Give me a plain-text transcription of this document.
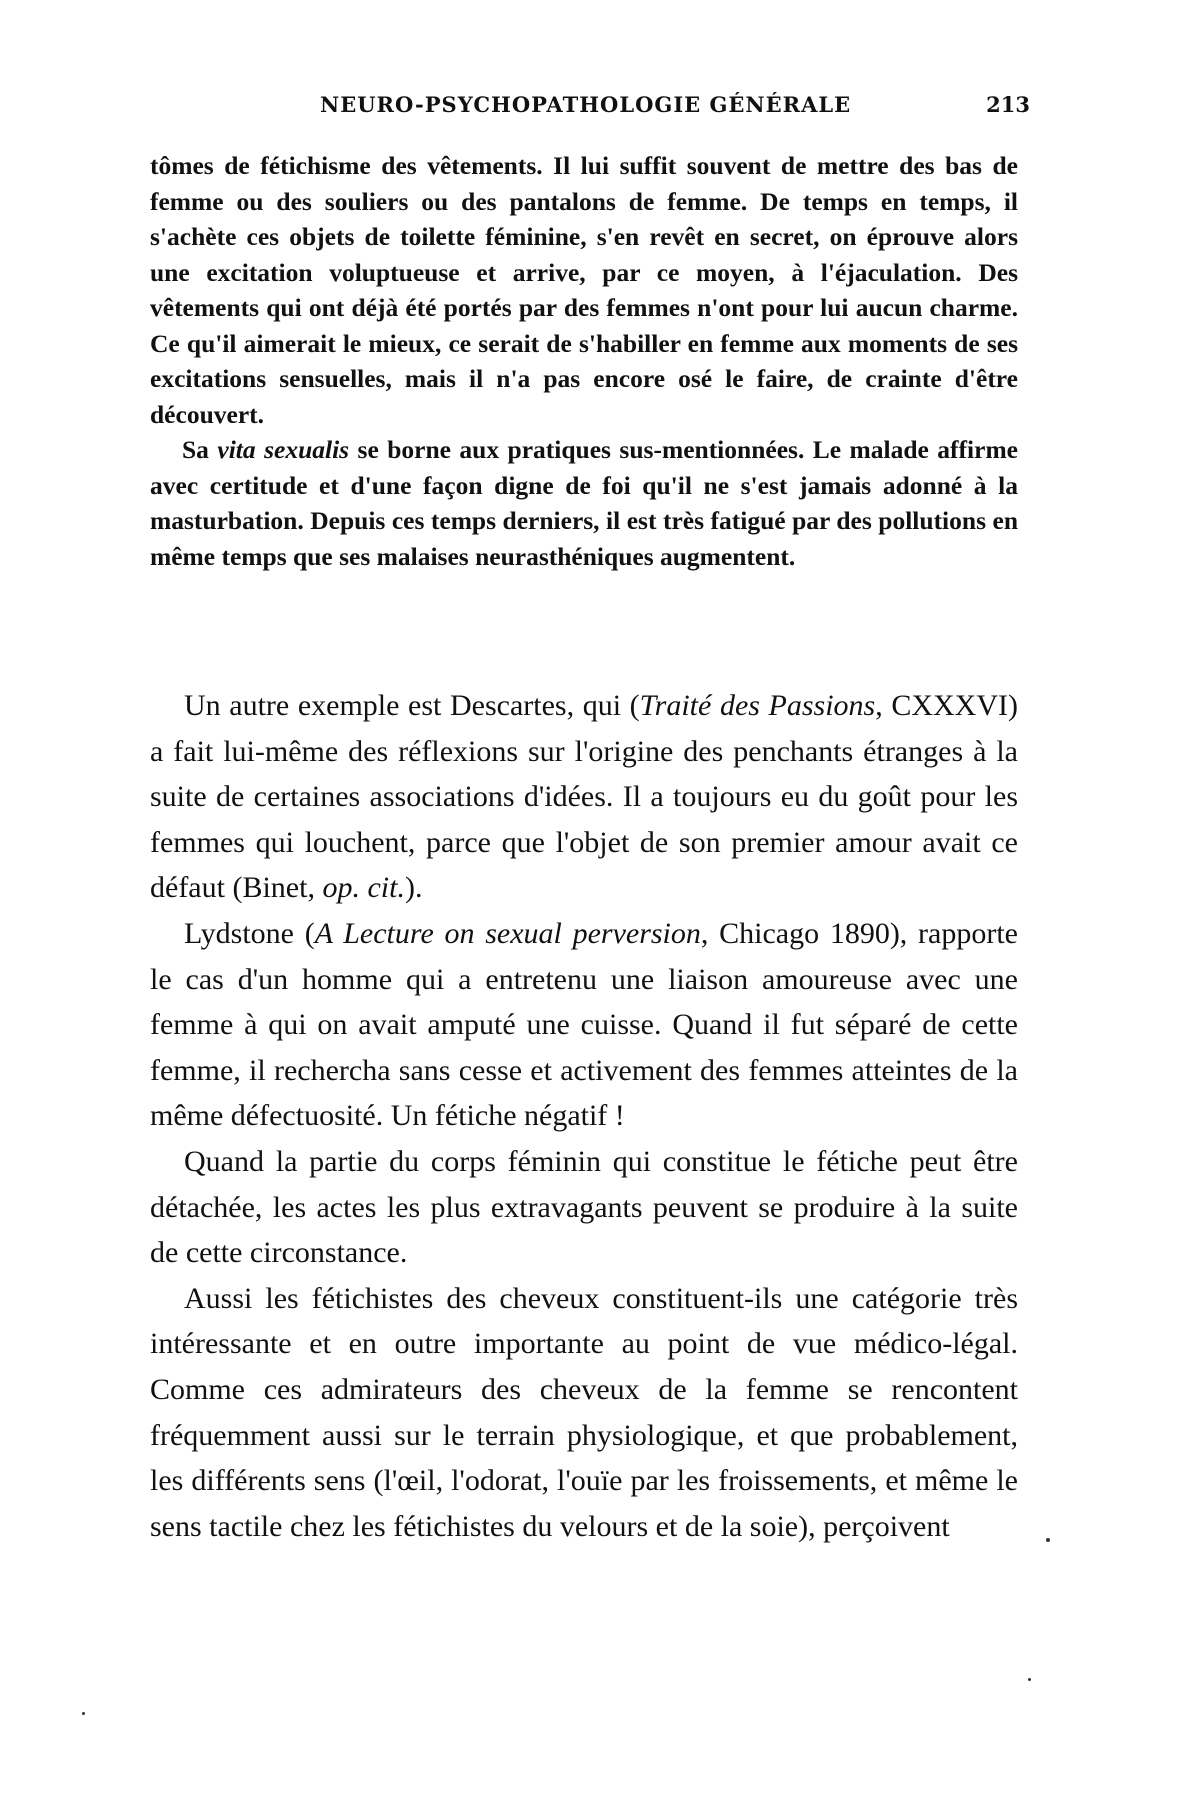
NEURO-PSYCHOPATHOLOGIE GÉNÉRALE	213

tômes de fétichisme des vêtements. Il lui suffit souvent de mettre des bas de femme ou des souliers ou des pantalons de femme. De temps en temps, il s'achète ces objets de toilette féminine, s'en revêt en secret, on éprouve alors une excitation voluptueuse et arrive, par ce moyen, à l'éjaculation. Des vêtements qui ont déjà été portés par des femmes n'ont pour lui aucun charme. Ce qu'il aimerait le mieux, ce serait de s'habiller en femme aux moments de ses excitations sensuelles, mais il n'a pas encore osé le faire, de crainte d'être découvert.

Sa vita sexualis se borne aux pratiques sus-mentionnées. Le malade affirme avec certitude et d'une façon digne de foi qu'il ne s'est jamais adonné à la masturbation. Depuis ces temps derniers, il est très fatigué par des pollutions en même temps que ses malaises neurasthéniques augmentent.

Un autre exemple est Descartes, qui (Traité des Passions, CXXXVI) a fait lui-même des réflexions sur l'origine des penchants étranges à la suite de certaines associations d'idées. Il a toujours eu du goût pour les femmes qui louchent, parce que l'objet de son premier amour avait ce défaut (Binet, op. cit.).

Lydstone (A Lecture on sexual perversion, Chicago 1890), rapporte le cas d'un homme qui a entretenu une liaison amoureuse avec une femme à qui on avait amputé une cuisse. Quand il fut séparé de cette femme, il rechercha sans cesse et activement des femmes atteintes de la même défectuosité. Un fétiche négatif !

Quand la partie du corps féminin qui constitue le fétiche peut être détachée, les actes les plus extravagants peuvent se produire à la suite de cette circonstance.

Aussi les fétichistes des cheveux constituent-ils une catégorie très intéressante et en outre importante au point de vue médico-légal. Comme ces admirateurs des cheveux de la femme se rencontent fréquemment aussi sur le terrain physiologique, et que probablement, les différents sens (l'œil, l'odorat, l'ouïe par les froissements, et même le sens tactile chez les fétichistes du velours et de la soie), perçoivent
